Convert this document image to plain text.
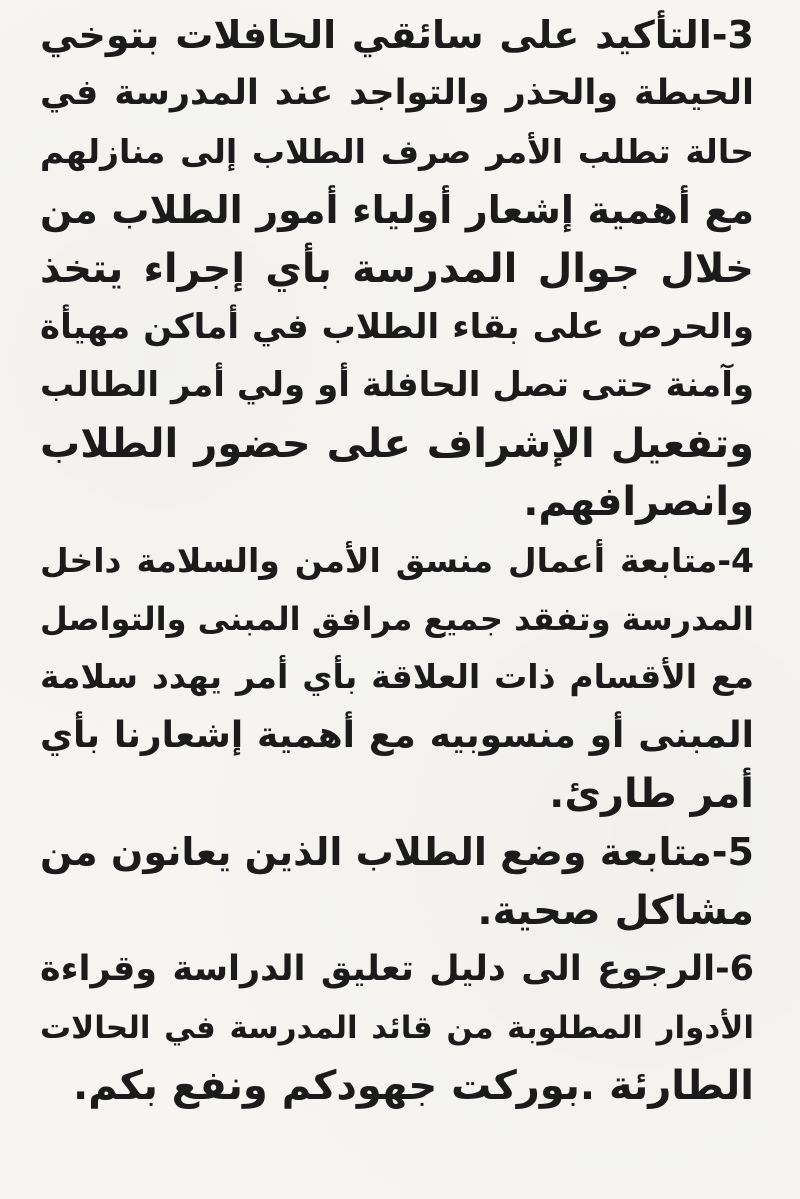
3-التأكيد على سائقي الحافلات بتوخي
الحيطة والحذر والتواجد عند المدرسة في
حالة تطلب الأمر صرف الطلاب إلى منازلهم
مع أهمية إشعار أولياء أمور الطلاب من
خلال جوال المدرسة بأي إجراء يتخذ
والحرص على بقاء الطلاب في أماكن مهيأة
وآمنة حتى تصل الحافلة أو ولي أمر الطالب
وتفعيل الإشراف على حضور الطلاب
وانصرافهم.
4-متابعة أعمال منسق الأمن والسلامة داخل
المدرسة وتفقد جميع مرافق المبنى والتواصل
مع الأقسام ذات العلاقة بأي أمر يهدد سلامة
المبنى أو منسوبيه مع أهمية إشعارنا بأي
أمر طارئ.
5-متابعة وضع الطلاب الذين يعانون من
مشاكل صحية.
6-الرجوع الى دليل تعليق الدراسة وقراءة
الأدوار المطلوبة من قائد المدرسة في الحالات
الطارئة .بوركت جهودكم ونفع بكم.
